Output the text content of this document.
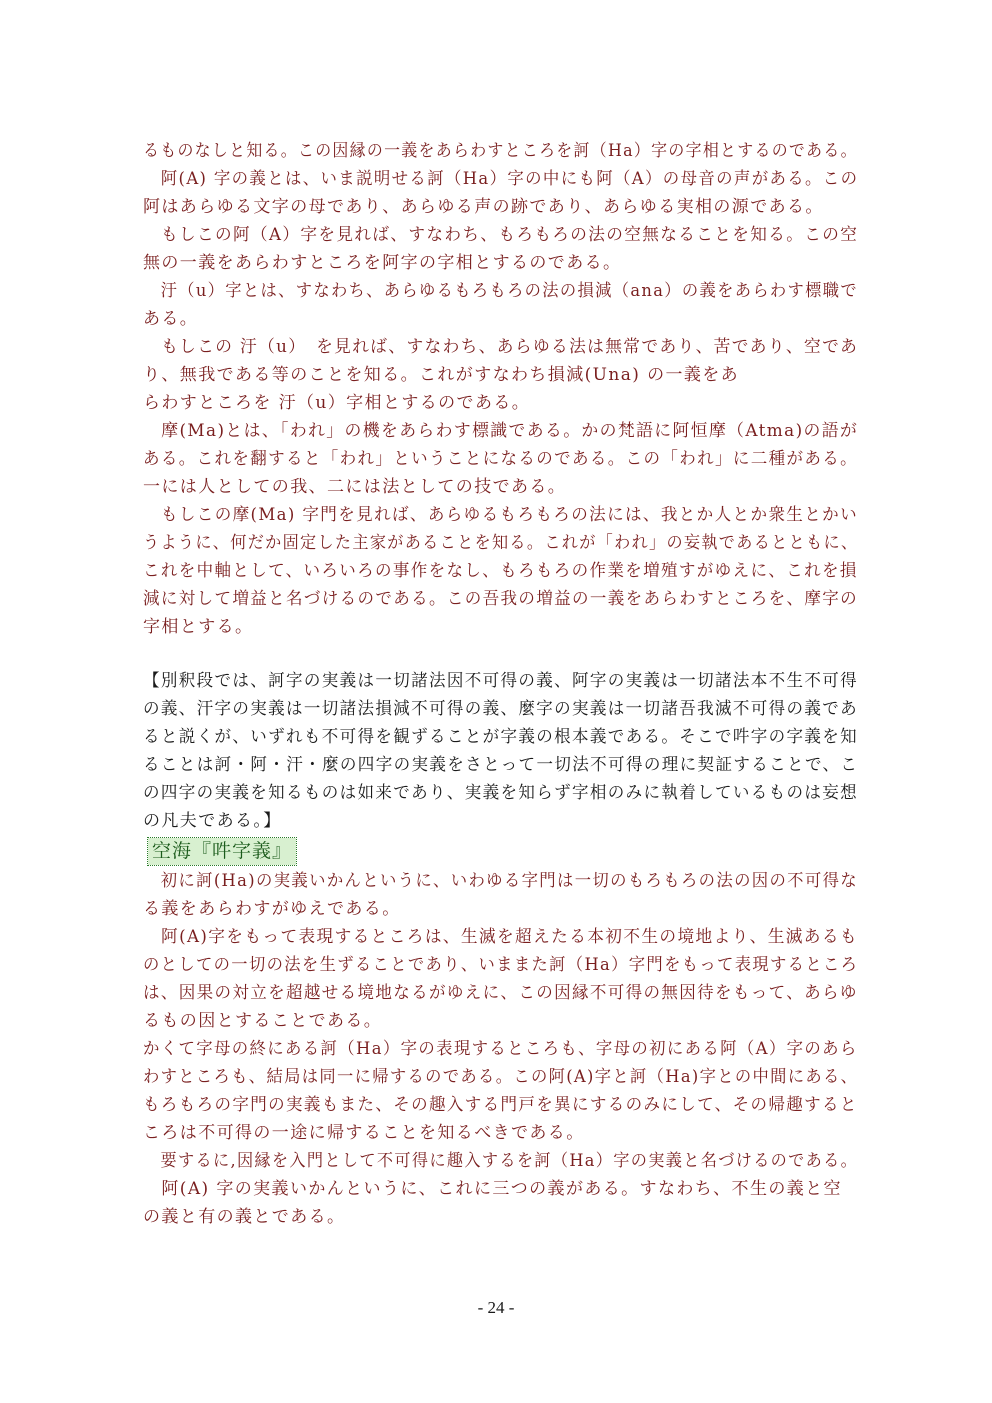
るものなしと知る。この因縁の一義をあらわすところを訶（Ha）字の字相とするのである。
　阿(A) 字の義とは、いま説明せる訶（Ha）字の中にも阿（A）の母音の声がある。この
阿はあらゆる文字の母であり、あらゆる声の跡であり、あらゆる実相の源である。
　もしこの阿（A）字を見れば、すなわち、もろもろの法の空無なることを知る。この空
無の一義をあらわすところを阿字の字相とするのである。
　汙（u）字とは、すなわち、あらゆるもろもろの法の損減（ana）の義をあらわす標職で
ある。
　もしこの 汙（u）　を見れば、すなわち、あらゆる法は無常であり、苦であり、空であ
り、無我である等のことを知る。これがすなわち損減(Una) の一義をあ
らわすところを 汙（u）字相とするのである。
　摩(Ma)とは、「われ」の機をあらわす標識である。かの梵語に阿恒摩（Atma)の語が
ある。これを翻すると「われ」ということになるのである。この「われ」に二種がある。
一には人としての我、二には法としての技である。
　もしこの摩(Ma) 字門を見れば、あらゆるもろもろの法には、我とか人とか衆生とかい
うように、何だか固定した主家があることを知る。これが「われ」の妄執であるとともに、
これを中軸として、いろいろの事作をなし、もろもろの作業を増殖すがゆえに、これを損
減に対して増益と名づけるのである。この吾我の増益の一義をあらわすところを、摩字の
字相とする。
【別釈段では、訶字の実義は一切諸法因不可得の義、阿字の実義は一切諸法本不生不可得
の義、汗字の実義は一切諸法損減不可得の義、麼字の実義は一切諸吾我滅不可得の義であ
ると説くが、いずれも不可得を観ずることが字義の根本義である。そこで吽字の字義を知
ることは訶・阿・汗・麼の四字の実義をさとって一切法不可得の理に契証することで、こ
の四字の実義を知るものは如来であり、実義を知らず字相のみに執着しているものは妄想
の凡夫である。】
空海『吽字義』
　初に訶(Ha)の実義いかんというに、いわゆる字門は一切のもろもろの法の因の不可得な
る義をあらわすがゆえである。
　阿(A)字をもって表現するところは、生滅を超えたる本初不生の境地より、生滅あるも
のとしての一切の法を生ずることであり、いままた訶（Ha）字門をもって表現するところ
は、因果の対立を超越せる境地なるがゆえに、この因縁不可得の無因待をもって、あらゆ
るもの因とすることである。
かくて字母の終にある訶（Ha）字の表現するところも、字母の初にある阿（A）字のあら
わすところも、結局は同一に帰するのである。この阿(A)字と訶（Ha)字との中間にある、
もろもろの字門の実義もまた、その趣入する門戸を異にするのみにして、その帰趣すると
ころは不可得の一途に帰することを知るべきである。
　要するに,因縁を入門として不可得に趣入するを訶（Ha）字の実義と名づけるのである。
　阿(A) 字の実義いかんというに、これに三つの義がある。すなわち、不生の義と空
の義と有の義とである。
- 24 -
